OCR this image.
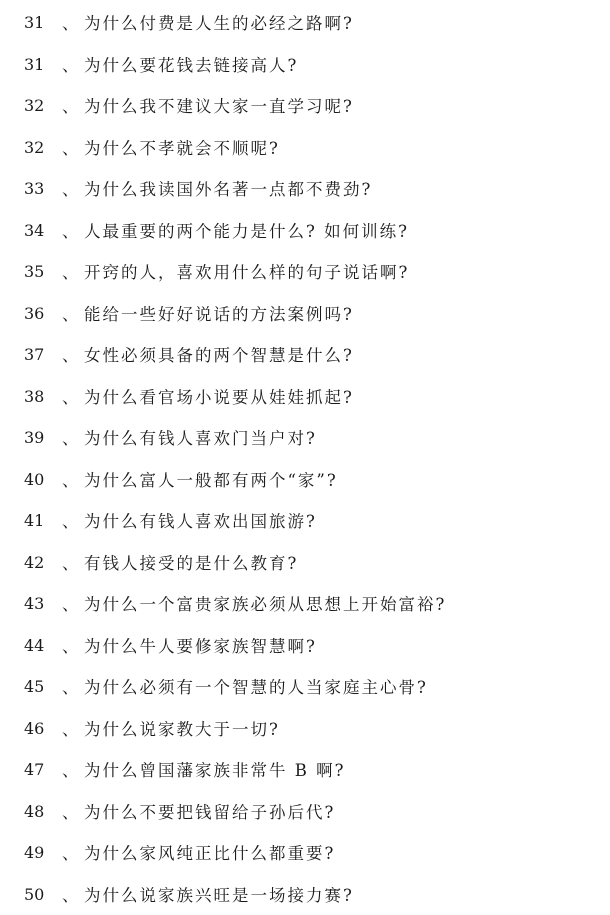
31	、 为什么付费是人生的必经之路啊?
31	、 为什么要花钱去链接高人?
32	、 为什么我不建议大家一直学习呢?
32	、 为什么不孝就会不顺呢?
33	、 为什么我读国外名著一点都不费劲?
34	、 人最重要的两个能力是什么? 如何训练?
35	、 开窍的人，喜欢用什么样的句子说话啊?
36	、 能给一些好好说话的方法案例吗?
37	、 女性必须具备的两个智慧是什么?
38	、 为什么看官场小说要从娃娃抓起?
39	、 为什么有钱人喜欢门当户对?
40	、 为什么富人一般都有两个“家”?
41	、 为什么有钱人喜欢出国旅游?
42	、 有钱人接受的是什么教育?
43	、 为什么一个富贵家族必须从思想上开始富裕?
44	、 为什么牛人要修家族智慧啊?
45	、 为什么必须有一个智慧的人当家庭主心骨?
46	、 为什么说家教大于一切?
47	、 为什么曾国藩家族非常牛 B 啊?
48	、 为什么不要把钱留给子孙后代?
49	、 为什么家风纯正比什么都重要?
50	、 为什么说家族兴旺是一场接力赛?
